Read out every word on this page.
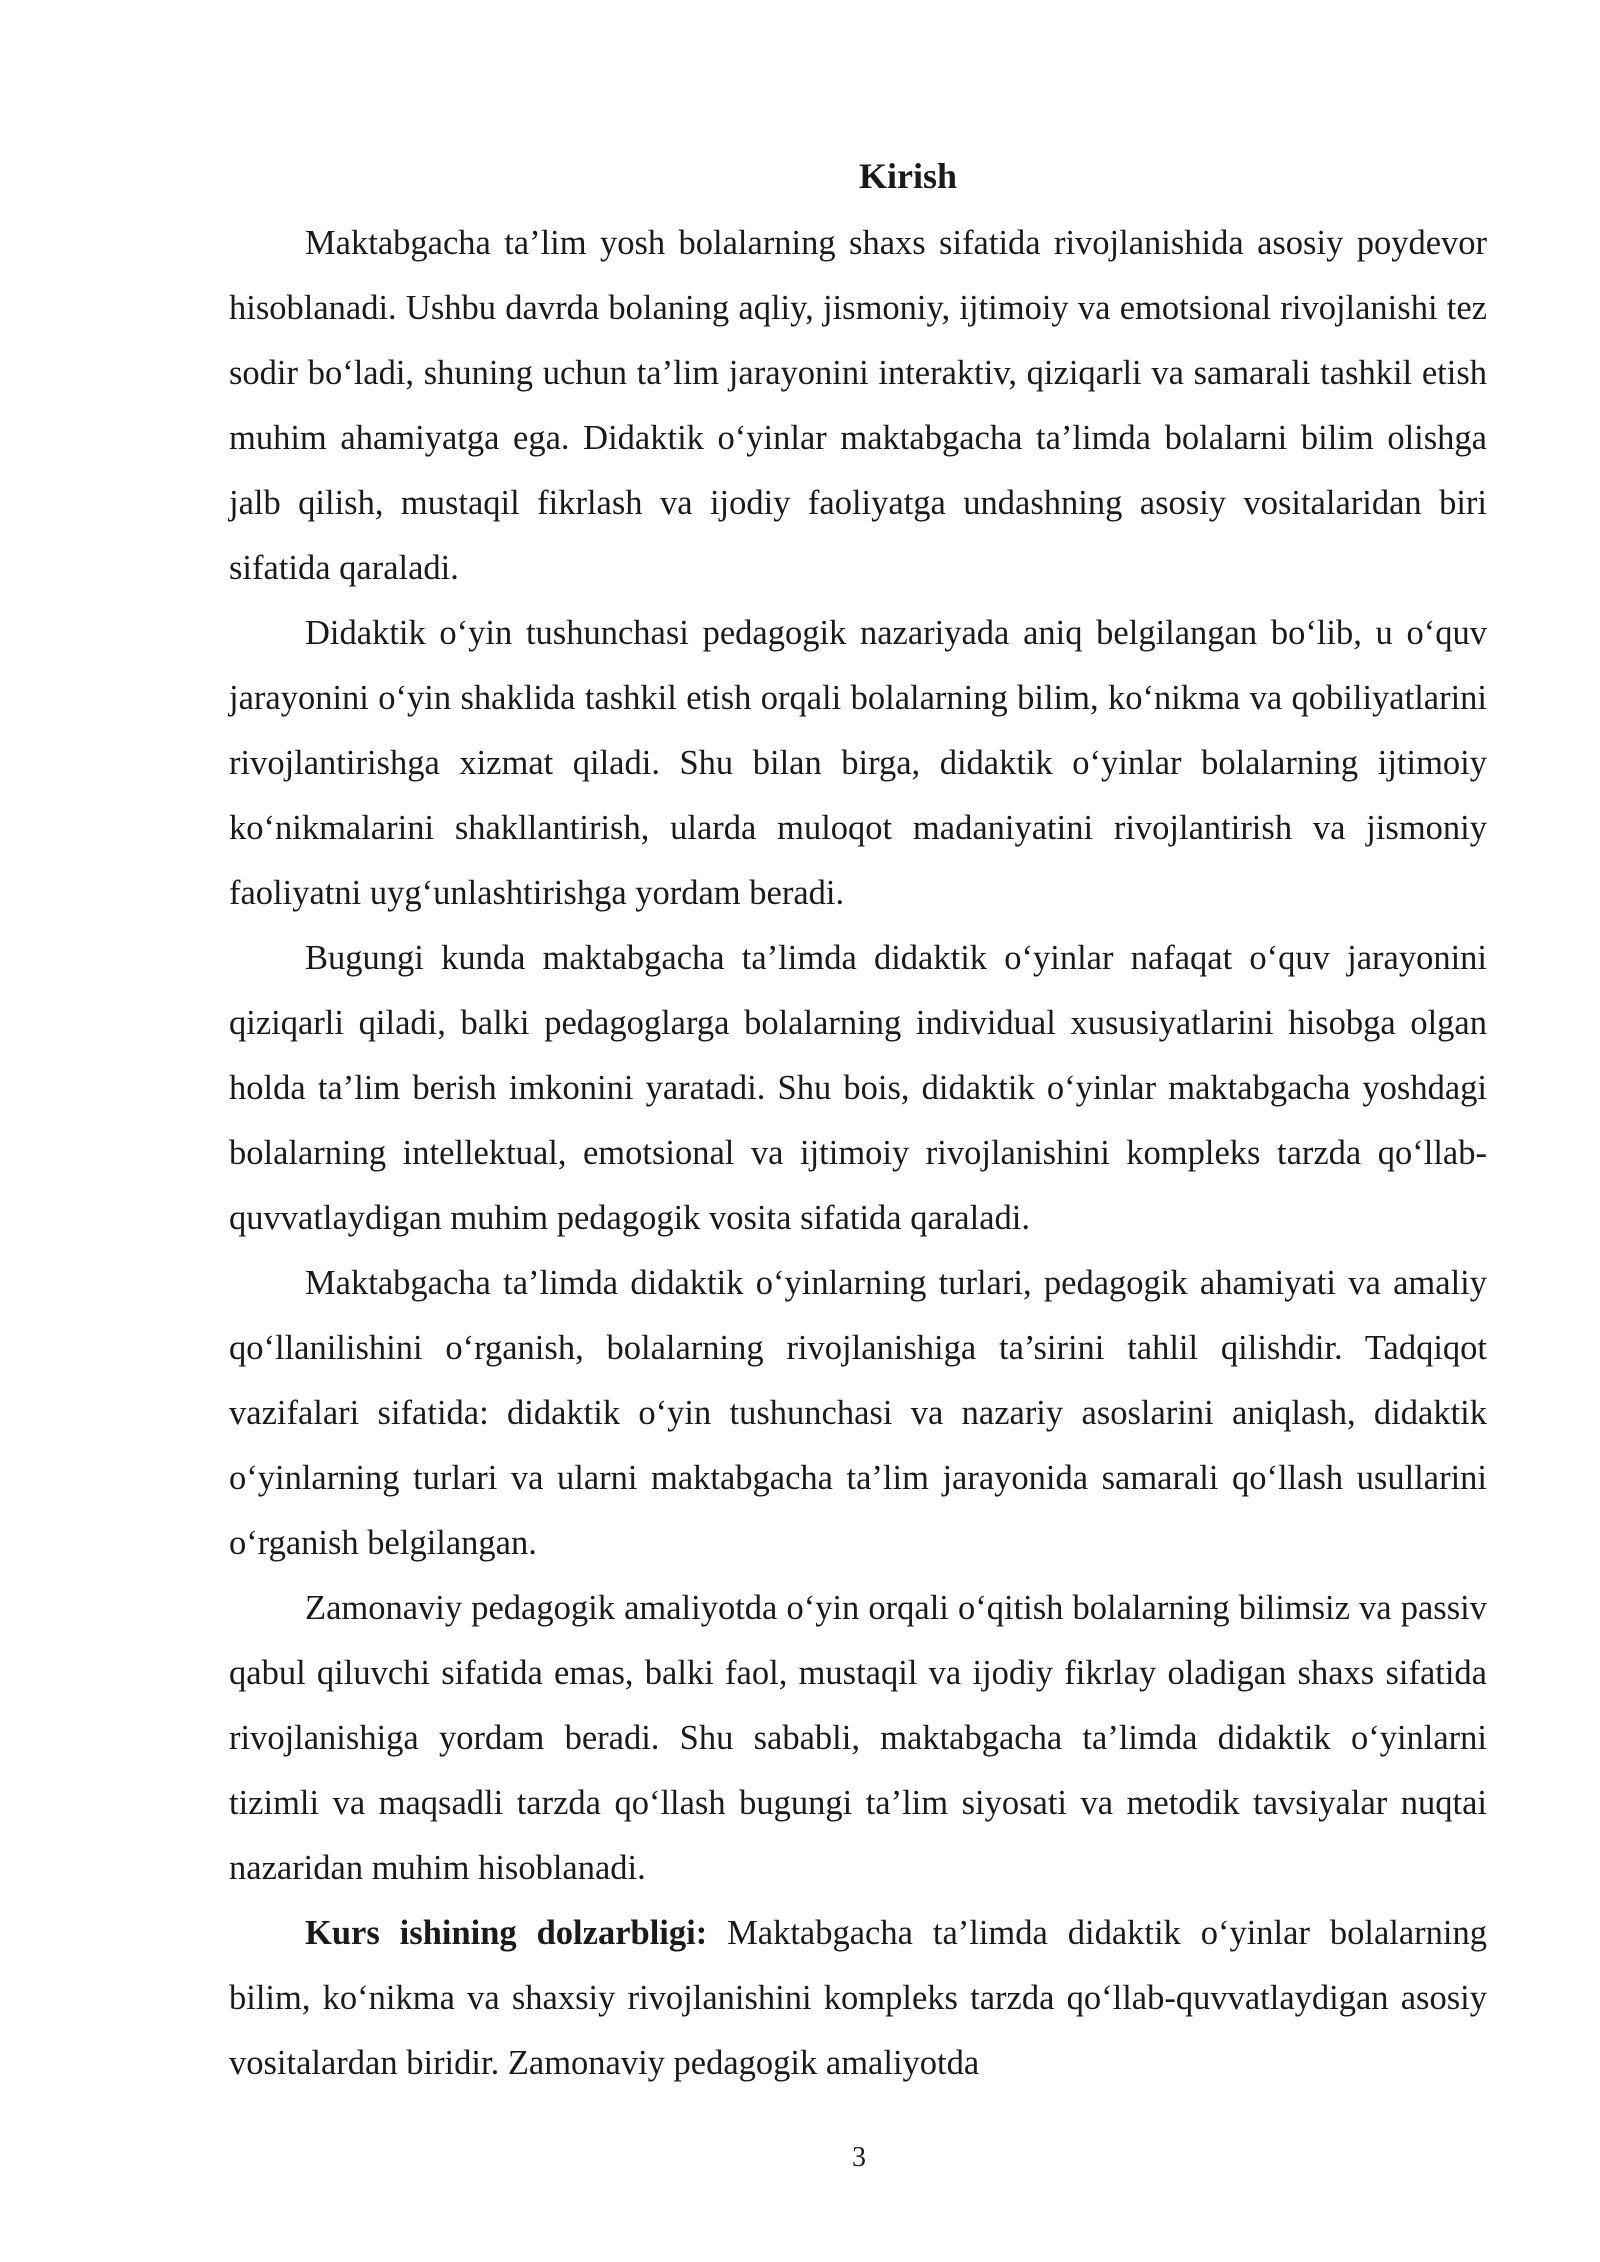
Kirish

Maktabgacha ta’lim yosh bolalarning shaxs sifatida rivojlanishida asosiy poydevor hisoblanadi. Ushbu davrda bolaning aqliy, jismoniy, ijtimoiy va emotsional rivojlanishi tez sodir bo‘ladi, shuning uchun ta’lim jarayonini interaktiv, qiziqarli va samarali tashkil etish muhim ahamiyatga ega. Didaktik o‘yinlar maktabgacha ta’limda bolalarni bilim olishga jalb qilish, mustaqil fikrlash va ijodiy faoliyatga undashning asosiy vositalaridan biri sifatida qaraladi.

Didaktik o‘yin tushunchasi pedagogik nazariyada aniq belgilangan bo‘lib, u o‘quv jarayonini o‘yin shaklida tashkil etish orqali bolalarning bilim, ko‘nikma va qobiliyatlarini rivojlantirishga xizmat qiladi. Shu bilan birga, didaktik o‘yinlar bolalarning ijtimoiy ko‘nikmalarini shakllantirish, ularda muloqot madaniyatini rivojlantirish va jismoniy faoliyatni uyg‘unlashtirishga yordam beradi.

Bugungi kunda maktabgacha ta’limda didaktik o‘yinlar nafaqat o‘quv jarayonini qiziqarli qiladi, balki pedagoglarga bolalarning individual xususiyatlarini hisobga olgan holda ta’lim berish imkonini yaratadi. Shu bois, didaktik o‘yinlar maktabgacha yoshdagi bolalarning intellektual, emotsional va ijtimoiy rivojlanishini kompleks tarzda qo‘llab-quvvatlaydigan muhim pedagogik vosita sifatida qaraladi.

Maktabgacha ta’limda didaktik o‘yinlarning turlari, pedagogik ahamiyati va amaliy qo‘llanilishini o‘rganish, bolalarning rivojlanishiga ta’sirini tahlil qilishdir. Tadqiqot vazifalari sifatida: didaktik o‘yin tushunchasi va nazariy asoslarini aniqlash, didaktik o‘yinlarning turlari va ularni maktabgacha ta’lim jarayonida samarali qo‘llash usullarini o‘rganish belgilangan.

Zamonaviy pedagogik amaliyotda o‘yin orqali o‘qitish bolalarning bilimsiz va passiv qabul qiluvchi sifatida emas, balki faol, mustaqil va ijodiy fikrlay oladigan shaxs sifatida rivojlanishiga yordam beradi. Shu sababli, maktabgacha ta’limda didaktik o‘yinlarni tizimli va maqsadli tarzda qo‘llash bugungi ta’lim siyosati va metodik tavsiyalar nuqtai nazaridan muhim hisoblanadi.

Kurs ishining dolzarbligi: Maktabgacha ta’limda didaktik o‘yinlar bolalarning bilim, ko‘nikma va shaxsiy rivojlanishini kompleks tarzda qo‘llab-quvvatlaydigan asosiy vositalardan biridir. Zamonaviy pedagogik amaliyotda

3
